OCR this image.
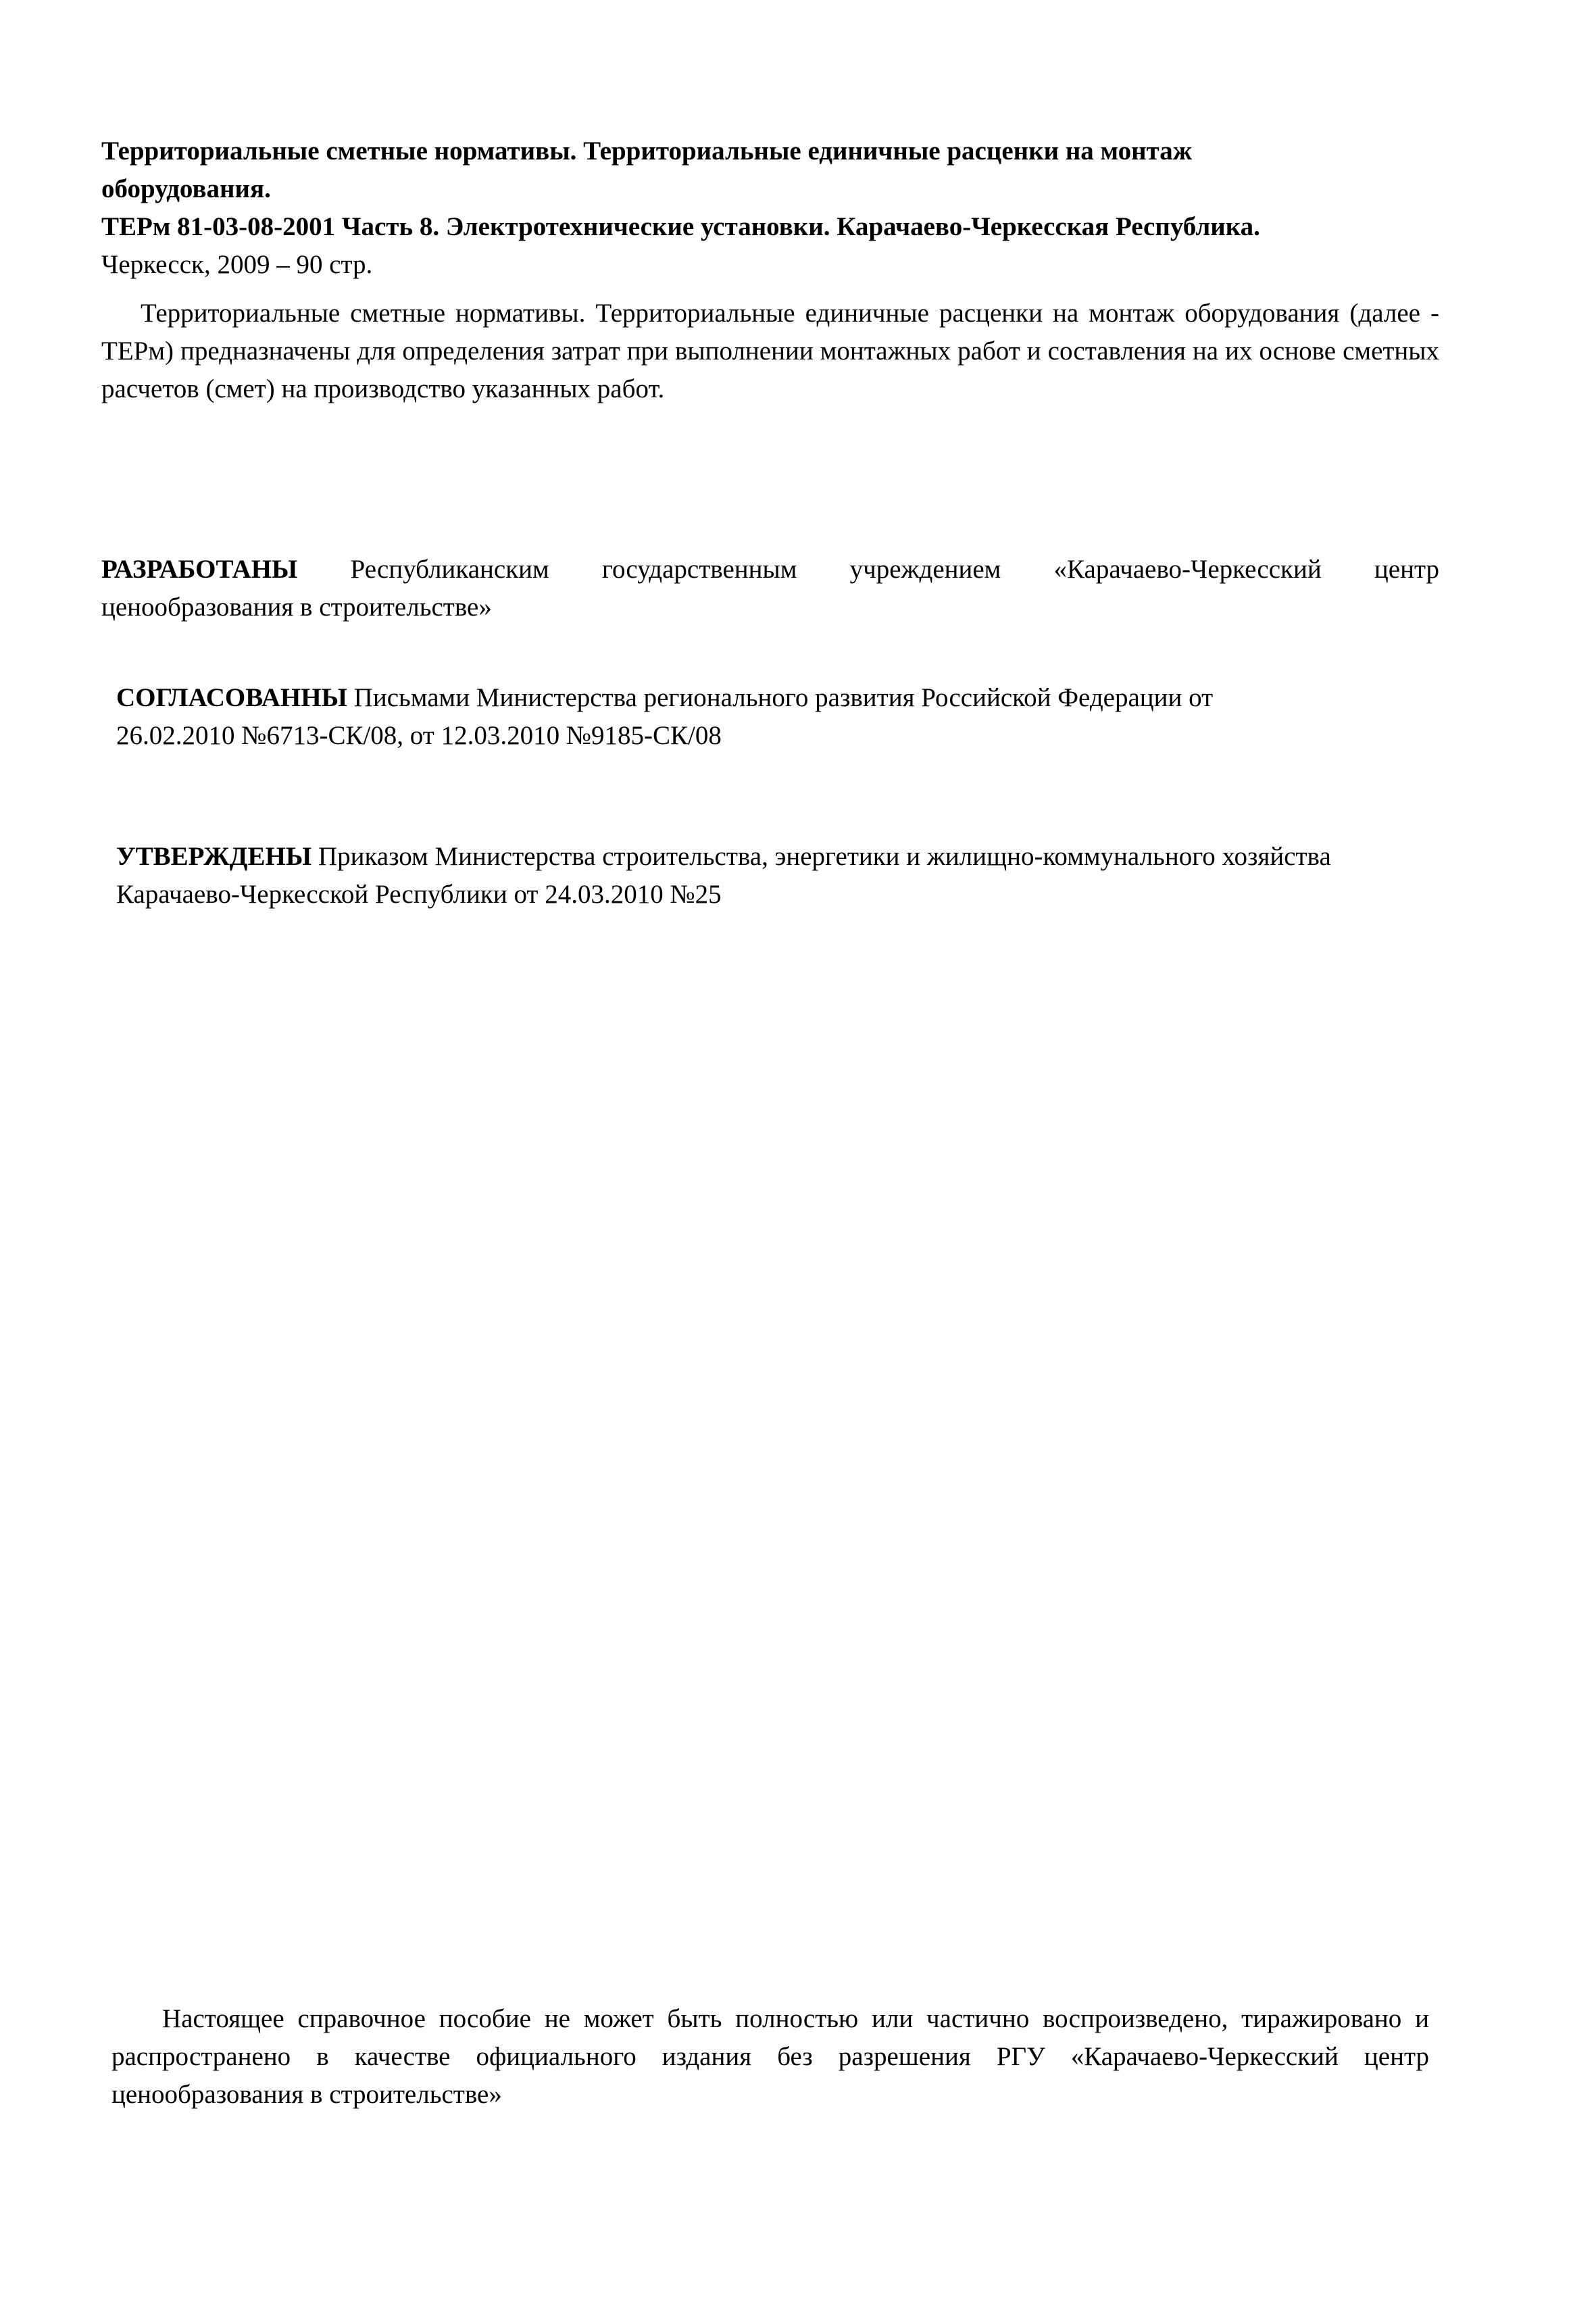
Территориальные сметные нормативы. Территориальные единичные расценки на монтаж
оборудования.
ТЕРм 81-03-08-2001 Часть 8. Электротехнические установки. Карачаево-Черкесская Республика.
Черкесск, 2009 – 90 стр.
Территориальные сметные нормативы. Территориальные единичные расценки на монтаж оборудования (далее - ТЕРм) предназначены для определения затрат при выполнении монтажных работ и составления на их основе сметных расчетов (смет) на производство указанных работ.
РАЗРАБОТАНЫ Республиканским государственным учреждением «Карачаево-Черкесский центр
ценообразования в строительстве»
СОГЛАСОВАННЫ Письмами Министерства регионального развития Российской Федерации от
26.02.2010 №6713-СК/08, от 12.03.2010 №9185-СК/08
УТВЕРЖДЕНЫ Приказом Министерства строительства, энергетики и жилищно-коммунального хозяйства
Карачаево-Черкесской Республики от 24.03.2010 №25
Настоящее справочное пособие не может быть полностью или частично воспроизведено, тиражировано и распространено в качестве официального издания без разрешения РГУ «Карачаево-Черкесский центр ценообразования в строительстве»
